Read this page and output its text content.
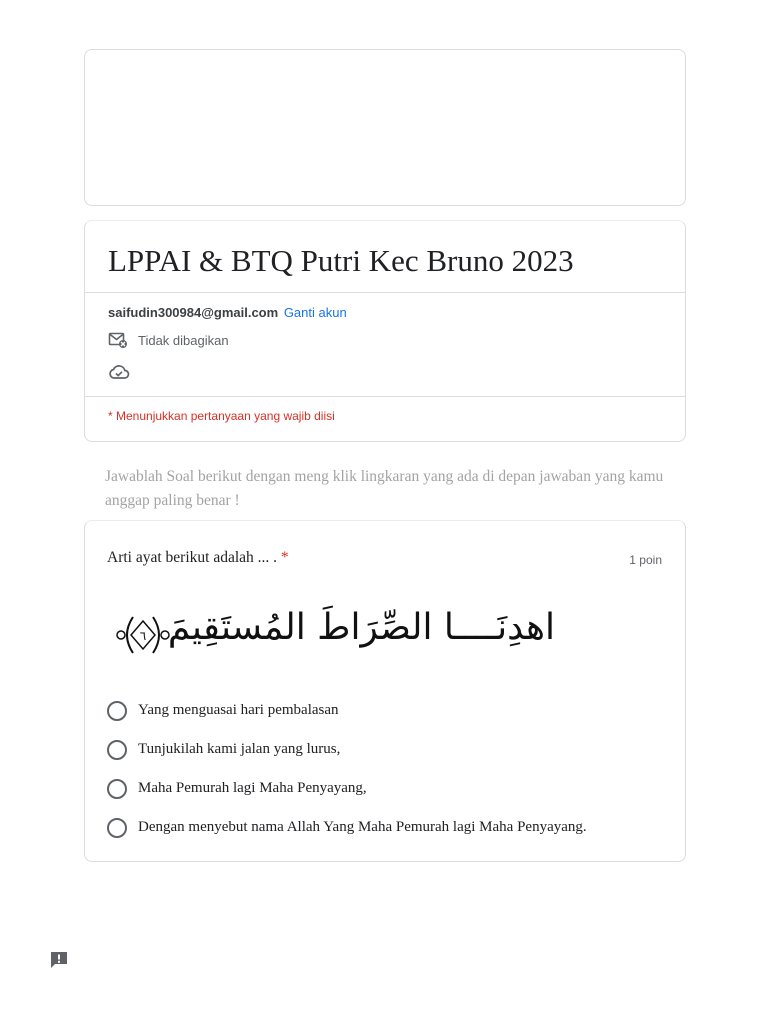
LPPAI & BTQ Putri Kec Bruno 2023
saifudin300984@gmail.com Ganti akun
Tidak dibagikan
* Menunjukkan pertanyaan yang wajib diisi
Jawablah Soal berikut dengan meng klik lingkaran yang ada di depan jawaban yang kamu anggap paling benar !
Arti ayat berikut adalah ... . *	1 poin
اهدِنَــــا الصِّرَاطَ المُستَقِيمَ
٦
Yang menguasai hari pembalasan
Tunjukilah kami jalan yang lurus,
Maha Pemurah lagi Maha Penyayang,
Dengan menyebut nama Allah Yang Maha Pemurah lagi Maha Penyayang.
